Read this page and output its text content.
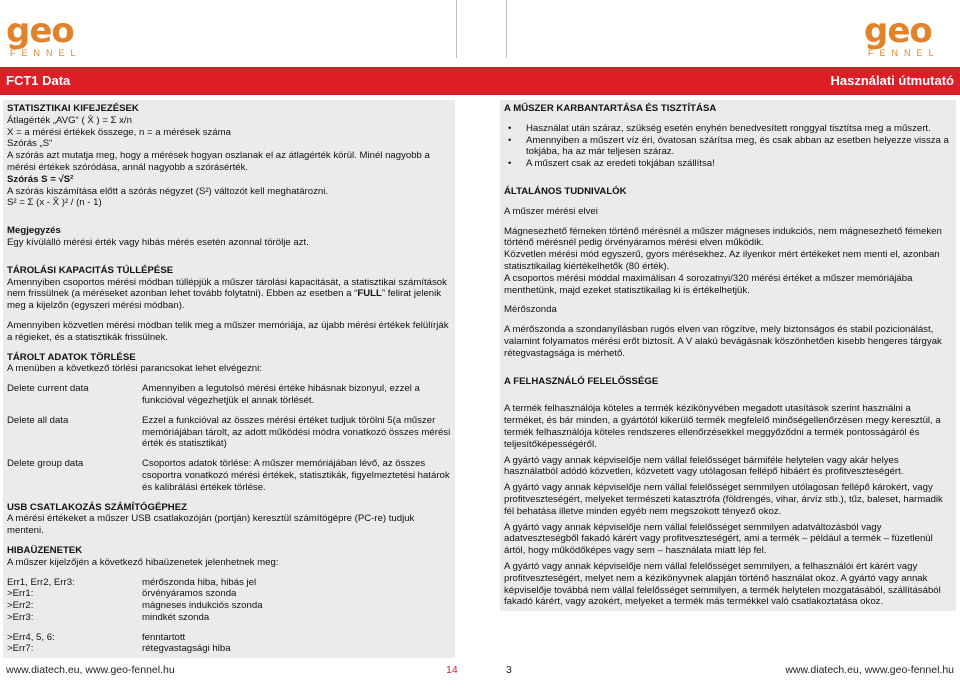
geo
FENNEL
geo
FENNEL
FCT1 Data	Használati útmutató

STATISZTIKAI KIFEJEZÉSEK

Átlagérték „AVG“ ( X̄ ) = Σ x/n

X = a mérési értékek összege, n = a mérések száma

Szórás „S“

A szórás azt mutatja meg, hogy a mérések hogyan oszlanak el az átlagérték körül. Minél nagyobb a mérési értékek szóródása, annál nagyobb a szórásérték.

Szórás S = √S²

A szórás kiszámítása előtt a szórás négyzet (S²) változót kell meghatározni.

S² = Σ (x - X̄ )² / (n - 1)

Megjegyzés

Egy kívülálló mérési érték vagy hibás mérés esetén azonnal törölje azt.

TÁROLÁSI KAPACITÁS TÚLLÉPÉSE

Amennyiben csoportos mérési módban túllépjük a műszer tárolási kapacitását, a statisztikai számítások nem frissülnek (a méréseket azonban lehet tovább folytatni). Ebben az esetben a “FULL” felirat jelenik meg a kijelzőn (egyszeri mérési módban).

Amennyiben közvetlen mérési módban telik meg a műszer memóriája, az újabb mérési értékek felülírják a régieket, és a statisztikák frissülnek.

TÁROLT ADATOK TÖRLÉSE

A menüben a következő törlési parancsokat lehet elvégezni:

Delete current data	Amennyiben a legutolsó mérési értéke hibásnak bizonyul, ezzel a funkcióval végezhetjük el annak törlését.
Delete all data	Ezzel a funkcióval az összes mérési értéket tudjuk törölni 5(a műszer memóriájában tárolt, az adott működési módra vonatkozó összes mérési érték és statisztikát)
Delete group data	Csoportos adatok törlése: A műszer memóriájában lévő, az összes csoportra vonatkozó mérési értékek, statisztikák, figyelmeztetési határok és kalibrálási értékek törlése.

USB CSATLAKOZÁS SZÁMÍTÓGÉPHEZ

A mérési értékeket a műszer USB csatlakozóján (portján) keresztül számítógépre (PC-re) tudjuk menteni.

HIBAÜZENETEK

A műszer kijelzőjén a következő hibaüzenetek jelenhetnek meg:

Err1, Err2, Err3:	mérőszonda hiba, hibás jel
>Err1:	örvényáramos szonda
>Err2:	mágneses indukciós szonda
>Err3:	mindkét szonda
>Err4, 5, 6:	fenntartott
>Err7:	rétegvastagsági hiba

A MŰSZER KARBANTARTÁSA ÉS TISZTÍTÁSA

• Használat után száraz, szükség esetén enyhén benedvesített ronggyal tisztítsa meg a műszert.
• Amennyiben a műszert víz éri, óvatosan szárítsa meg, és csak abban az esetben helyezze vissza a tokjába, ha az már teljesen száraz.
• A műszert csak az eredeti tokjában szállítsa!

ÁLTALÁNOS TUDNIVALÓK

A műszer mérési elvei

Mágnesezhető fémeken történő mérésnél a műszer mágneses indukciós, nem mágnesezhető fémeken történő mérésnél pedig örvényáramos mérési elven működik.

Közvetlen mérési mód egyszerű, gyors mérésekhez. Az ilyenkor mért értékeket nem menti el, azonban statisztikailag kiértékelhetők (80 érték).

A csoportos mérési móddal maximálisan 4 sorozatnyi/320 mérési értéket a műszer memóriájába menthetünk, majd ezeket statisztikailag ki is értékelhetjük.

Mérőszonda

A mérőszonda a szondanyílásban rugós elven van rögzítve, mely biztonságos és stabil pozicionálást, valamint folyamatos mérési erőt biztosít. A V alakú bevágásnak köszönhetően kisebb hengeres tárgyak rétegvastagsága is mérhető.

A FELHASZNÁLÓ FELELŐSSÉGE

A termék felhasználója köteles a termék kézikönyvében megadott utasítások szerint használni a terméket, és bár minden, a gyártótól kikerülő termék megfelelő minőségellenőrzésen megy keresztül, a termék felhasználója köteles rendszeres ellenőrzésekkel meggyőződni a termék pontosságáról és teljesítőképességéről.

A gyártó vagy annak képviselője nem vállal felelősséget bármiféle helytelen vagy akár helyes használatból adódó közvetlen, közvetett vagy utólagosan fellépő hibáért és profitveszteségért.

A gyártó vagy annak képviselője nem vállal felelősséget semmilyen utólagosan fellépő károkért, vagy profitveszteségért, melyeket természeti katasztrófa (földrengés, vihar, árvíz stb.), tűz, baleset, harmadik fél behatása illetve minden egyéb nem megszokott tényező okoz.

A gyártó vagy annak képviselője nem vállal felelősséget semmilyen adatváltozásból vagy adatveszteségből fakadó kárért vagy profitveszteségért, ami a termék – például a termék – füzetlenül ártól, hogy működőképes vagy sem – használata miatt lép fel.

A gyártó vagy annak képviselője nem vállal felelősséget semmilyen, a felhasználói ért kárért vagy profitveszteségért, melyet nem a kézikönyvnek alapján történő használat okoz. A gyártó vagy annak képviselője továbbá nem vállal felelősséget semmilyen, a termék helytelen mozgatásából, szállításából fakadó kárért, vagy azokért, melyeket a termék más termékkel való csatlakoztatása okoz.

www.diatech.eu, www.geo-fennel.hu	14	3	www.diatech.eu, www.geo-fennel.hu
